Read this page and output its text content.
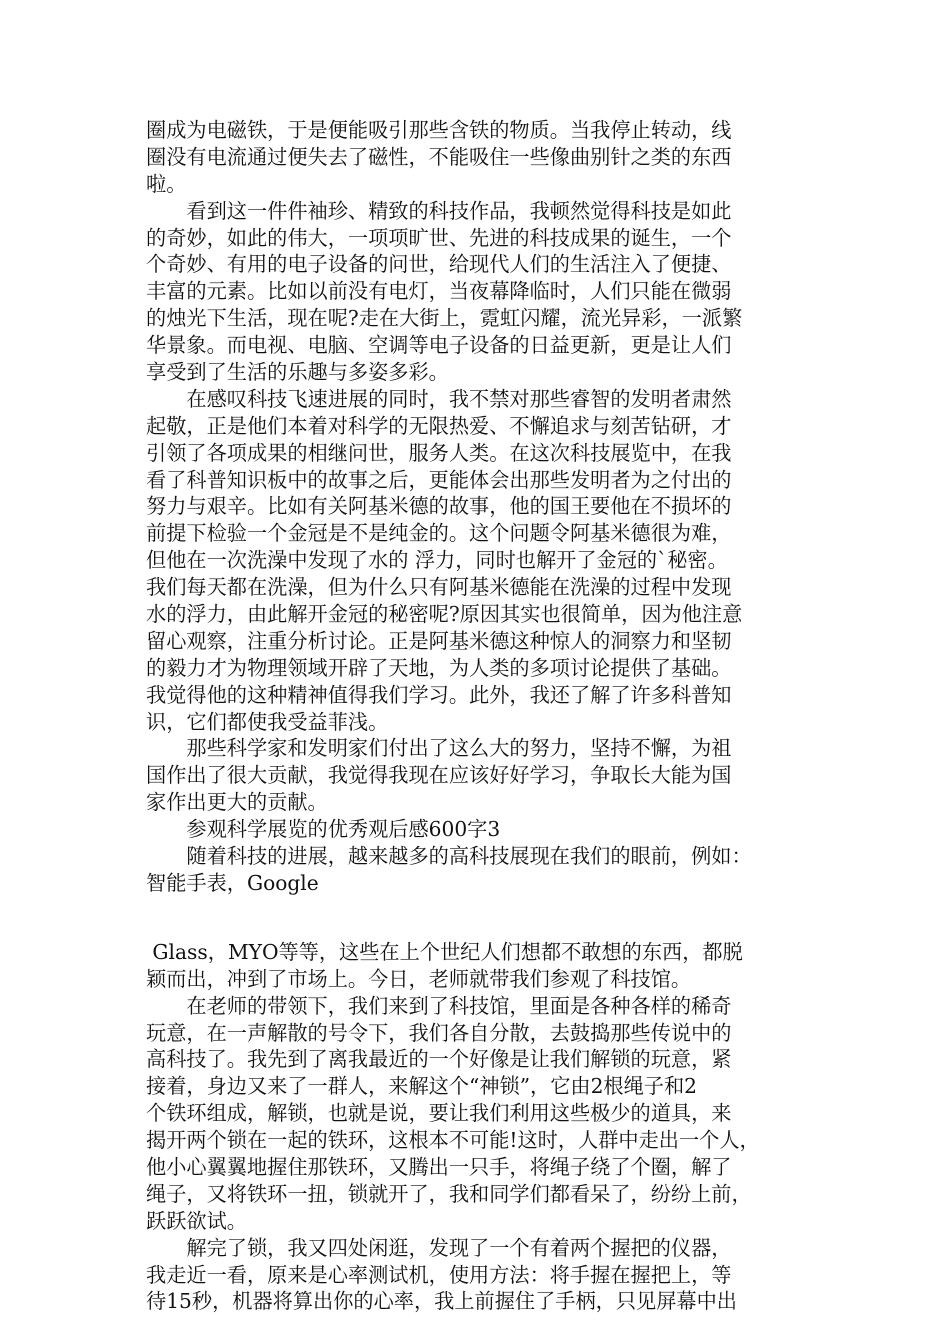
圈成为电磁铁，于是便能吸引那些含铁的物质。当我停止转动，线
圈没有电流通过便失去了磁性，不能吸住一些像曲别针之类的东西
啦。
　　看到这一件件袖珍、精致的科技作品，我顿然觉得科技是如此
的奇妙，如此的伟大，一项项旷世、先进的科技成果的诞生，一个
个奇妙、有用的电子设备的问世，给现代人们的生活注入了便捷、
丰富的元素。比如以前没有电灯，当夜幕降临时，人们只能在微弱
的烛光下生活，现在呢?走在大街上，霓虹闪耀，流光异彩，一派繁
华景象。而电视、电脑、空调等电子设备的日益更新，更是让人们
享受到了生活的乐趣与多姿多彩。
　　在感叹科技飞速进展的同时，我不禁对那些睿智的发明者肃然
起敬，正是他们本着对科学的无限热爱、不懈追求与刻苦钻研，才
引领了各项成果的相继问世，服务人类。在这次科技展览中，在我
看了科普知识板中的故事之后，更能体会出那些发明者为之付出的
努力与艰辛。比如有关阿基米德的故事，他的国王要他在不损坏的
前提下检验一个金冠是不是纯金的。这个问题令阿基米德很为难，
但他在一次洗澡中发现了水的 浮力，同时也解开了金冠的`秘密。
我们每天都在洗澡，但为什么只有阿基米德能在洗澡的过程中发现
水的浮力，由此解开金冠的秘密呢?原因其实也很简单，因为他注意
留心观察，注重分析讨论。正是阿基米德这种惊人的洞察力和坚韧
的毅力才为物理领域开辟了天地，为人类的多项讨论提供了基础。
我觉得他的这种精神值得我们学习。此外，我还了解了许多科普知
识，它们都使我受益菲浅。
　　那些科学家和发明家们付出了这么大的努力，坚持不懈，为祖
国作出了很大贡献，我觉得我现在应该好好学习，争取长大能为国
家作出更大的贡献。
　　参观科学展览的优秀观后感600字3
　　随着科技的进展，越来越多的高科技展现在我们的眼前，例如：
智能手表，Google
Glass，MYO等等，这些在上个世纪人们想都不敢想的东西，都脱
颖而出，冲到了市场上。今日，老师就带我们参观了科技馆。
　　在老师的带领下，我们来到了科技馆，里面是各种各样的稀奇
玩意，在一声解散的号令下，我们各自分散，去鼓捣那些传说中的
高科技了。我先到了离我最近的一个好像是让我们解锁的玩意，紧
接着，身边又来了一群人，来解这个“神锁”，它由2根绳子和2
个铁环组成，解锁，也就是说，要让我们利用这些极少的道具，来
揭开两个锁在一起的铁环，这根本不可能!这时，人群中走出一个人，
他小心翼翼地握住那铁环，又腾出一只手，将绳子绕了个圈，解了
绳子，又将铁环一扭，锁就开了，我和同学们都看呆了，纷纷上前，
跃跃欲试。
　　解完了锁，我又四处闲逛，发现了一个有着两个握把的仪器，
我走近一看，原来是心率测试机，使用方法：将手握在握把上，等
待15秒，机器将算出你的心率，我上前握住了手柄，只见屏幕中出
